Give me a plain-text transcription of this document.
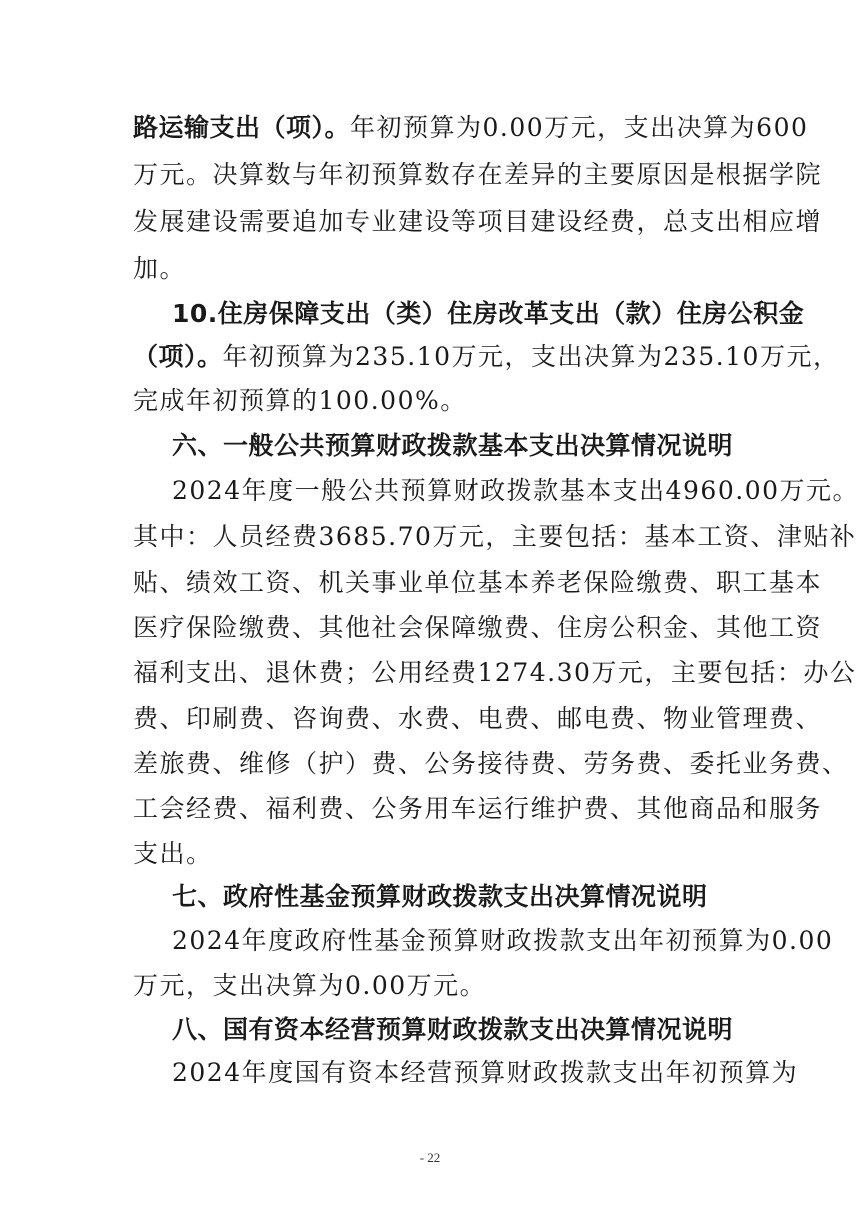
路运输支出（项）。年初预算为0.00万元，支出决算为600
万元。决算数与年初预算数存在差异的主要原因是根据学院
发展建设需要追加专业建设等项目建设经费，总支出相应增
加。
10.住房保障支出（类）住房改革支出（款）住房公积金
（项）。年初预算为235.10万元，支出决算为235.10万元，
完成年初预算的100.00%。
六、一般公共预算财政拨款基本支出决算情况说明
2024年度一般公共预算财政拨款基本支出4960.00万元。
其中：人员经费3685.70万元，主要包括：基本工资、津贴补
贴、绩效工资、机关事业单位基本养老保险缴费、职工基本
医疗保险缴费、其他社会保障缴费、住房公积金、其他工资
福利支出、退休费；公用经费1274.30万元，主要包括：办公
费、印刷费、咨询费、水费、电费、邮电费、物业管理费、
差旅费、维修（护）费、公务接待费、劳务费、委托业务费、
工会经费、福利费、公务用车运行维护费、其他商品和服务
支出。
七、政府性基金预算财政拨款支出决算情况说明
2024年度政府性基金预算财政拨款支出年初预算为0.00
万元，支出决算为0.00万元。
八、国有资本经营预算财政拨款支出决算情况说明
2024年度国有资本经营预算财政拨款支出年初预算为
- 22
